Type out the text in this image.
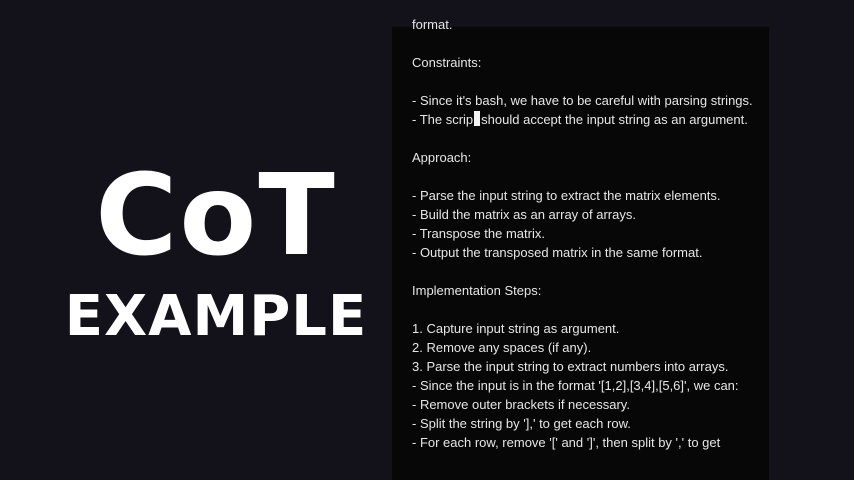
CoT
EXAMPLE
format.
Constraints:
- Since it's bash, we have to be careful with parsing strings.
- The scrip should accept the input string as an argument.
Approach:
- Parse the input string to extract the matrix elements.
- Build the matrix as an array of arrays.
- Transpose the matrix.
- Output the transposed matrix in the same format.
Implementation Steps:
1. Capture input string as argument.
2. Remove any spaces (if any).
3. Parse the input string to extract numbers into arrays.
- Since the input is in the format '[1,2],[3,4],[5,6]', we can:
- Remove outer brackets if necessary.
- Split the string by '],' to get each row.
- For each row, remove '[' and ']', then split by ',' to get
